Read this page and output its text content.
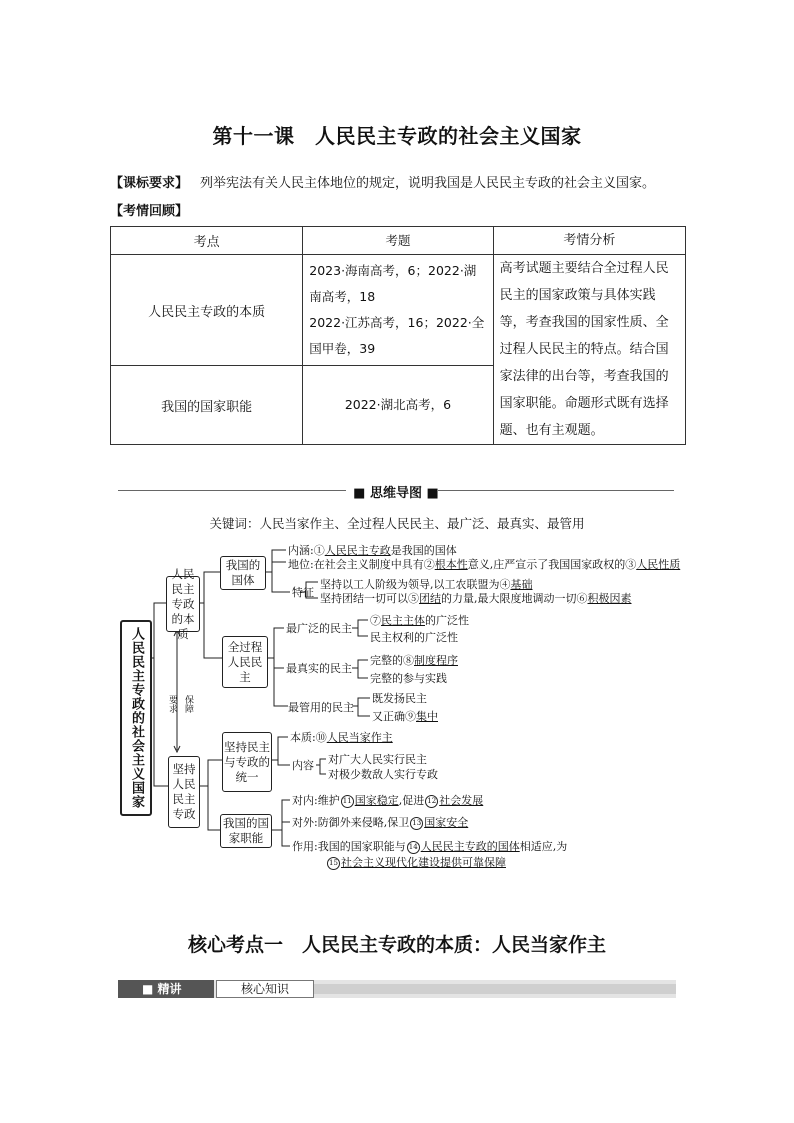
第十一课　人民民主专政的社会主义国家
【课标要求】 列举宪法有关人民主体地位的规定，说明我国是人民民主专政的社会主义国家。
【考情回顾】
考点	考题	考情分析
人民民主专政的本质	2023·海南高考，6；2022·湖
南高考，18
2022·江苏高考，16；2022·全
国甲卷，39	高考试题主要结合全过程人民民主的国家政策与具体实践等，考查我国的国家性质、全过程人民民主的特点。结合国家法律的出台等，考查我国的国家职能。命题形式既有选择题、也有主观题。
我国的国家职能	2022·湖北高考，6	
■ 思维导图 ■
关键词：人民当家作主、全过程人民民主、最广泛、最真实、最管用
人民民主专政的社会主义国家
人民民主专政的本质
坚持人民民主专政
要求 保障
我国的国体
全过程人民民主
坚持民主与专政的统一
我国的国家职能
内涵:①人民民主专政是我国的国体
地位:在社会主义制度中具有②根本性意义,庄严宣示了我国国家政权的③人民性质
特征
坚持以工人阶级为领导,以工农联盟为④基础
坚持团结一切可以⑤团结的力量,最大限度地调动一切⑥积极因素
最广泛的民主
⑦民主主体的广泛性
民主权利的广泛性
最真实的民主
完整的⑧制度程序
完整的参与实践
最管用的民主
既发扬民主
又正确⑨集中
本质:⑩人民当家作主
内容 对广大人民实行民主
对极少数敌人实行专政
对内:维护 11 国家稳定,促进 12 社会发展
对外:防御外来侵略,保卫 13 国家安全
作用:我国的国家职能与 14 人民民主专政的国体相适应,为
15 社会主义现代化建设提供可靠保障
核心考点一　人民民主专政的本质：人民当家作主
■ 精讲	核心知识
